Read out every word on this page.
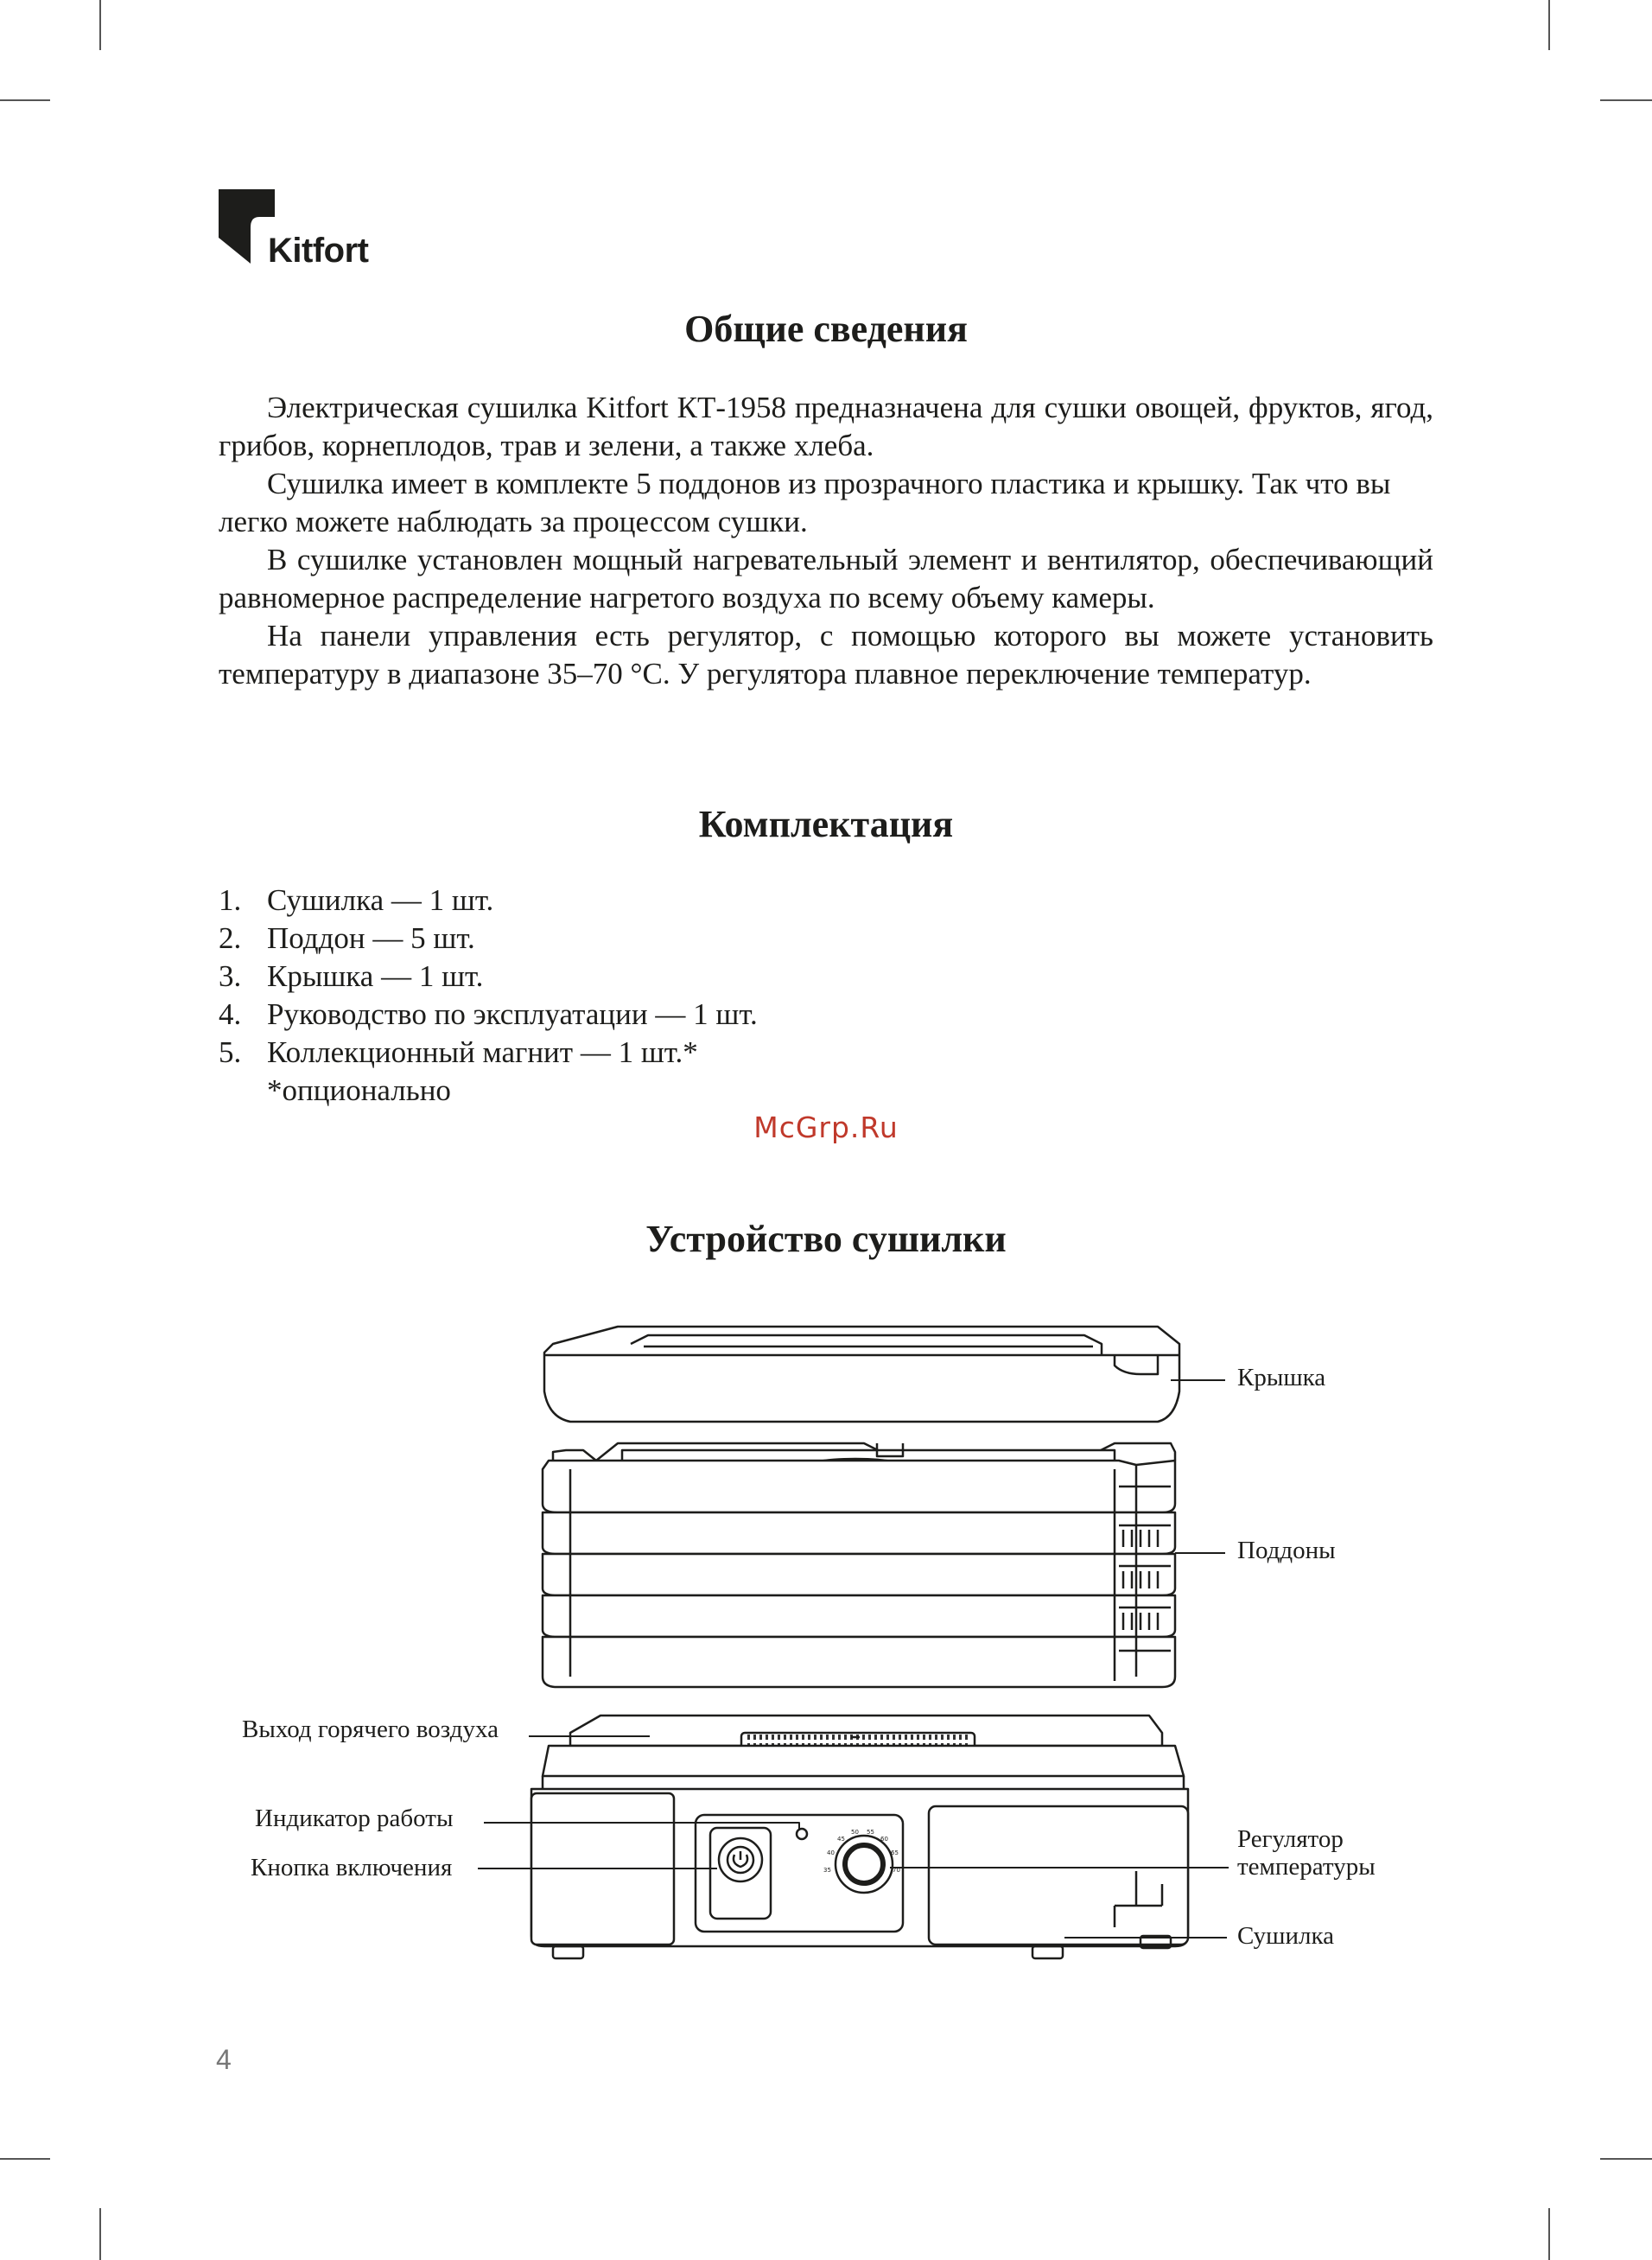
Kitfort
Общие сведения

Электрическая сушилка Kitfort КТ-1958 предназначена для сушки овощей, фруктов, ягод, грибов, корнеплодов, трав и зелени, а также хлеба.

Сушилка имеет в комплекте 5 поддонов из прозрачного пластика и крышку. Так что вы легко можете наблюдать за процессом сушки.

В сушилке установлен мощный нагревательный элемент и вентилятор, обеспечивающий равномерное распределение нагретого воздуха по всему объему камеры.

На панели управления есть регулятор, с помощью которого вы можете установить температуру в диапазоне 35–70 °C. У регулятора плавное переключение температур.

Комплектация
1. Сушилка — 1 шт.
2. Поддон — 5 шт.
3. Крышка — 1 шт.
4. Руководство по эксплуатации — 1 шт.
5. Коллекционный магнит — 1 шт.*
*опционально
McGrp.Ru
Устройство сушилки
35
40
45
50 55
60
65
70
Крышка
Поддоны
Выход горячего воздуха
Индикатор работы
Кнопка включения
Регулятор
температуры
Сушилка
4
